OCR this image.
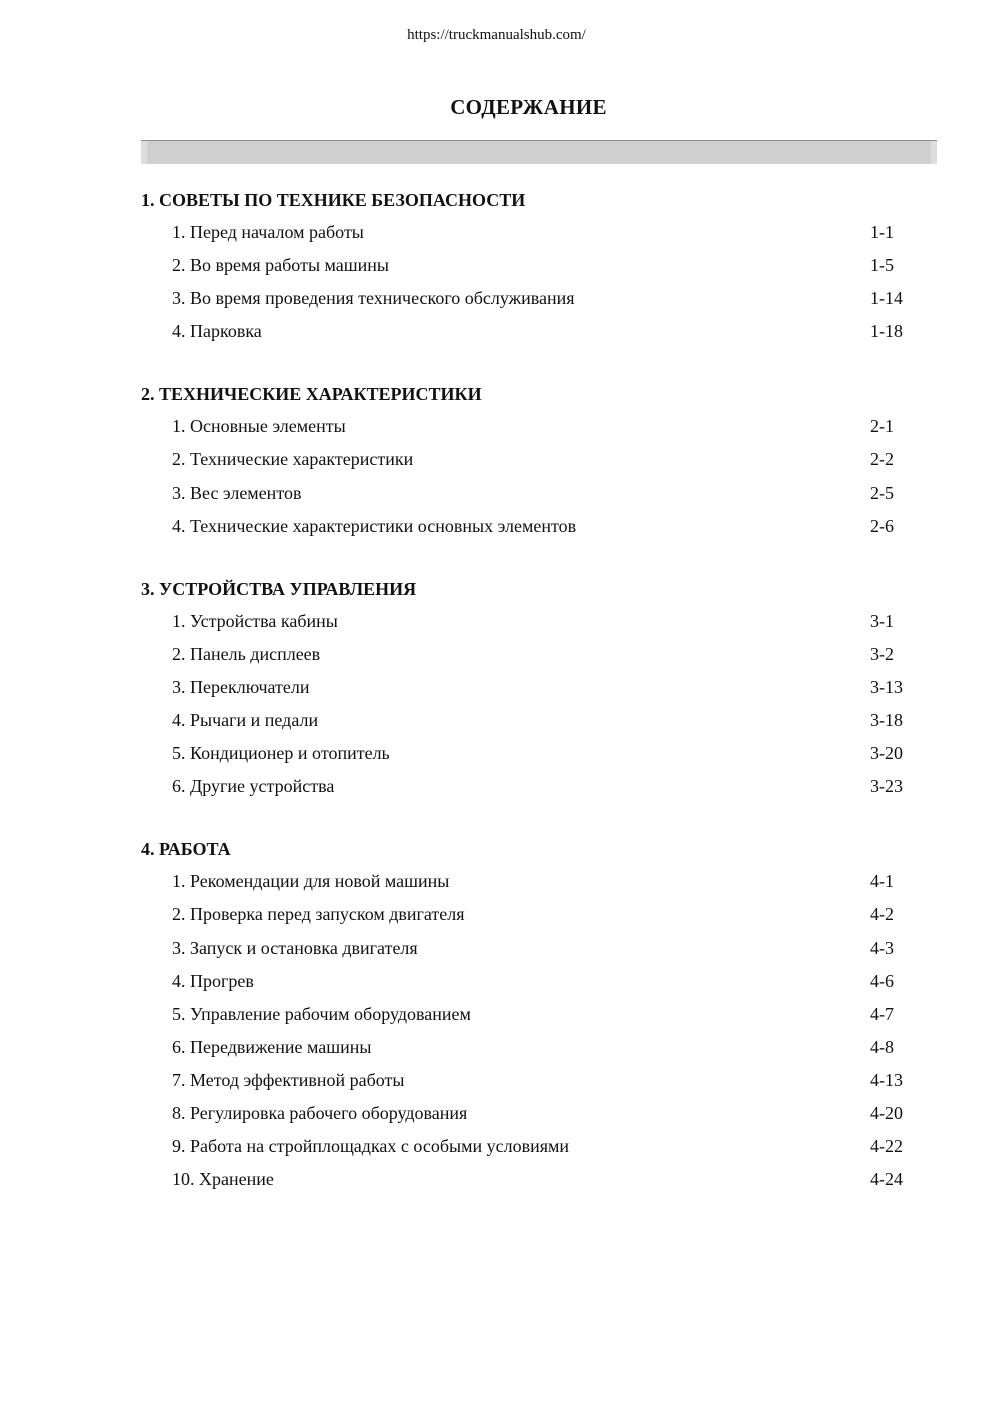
https://truckmanualshub.com/
СОДЕРЖАНИЕ
1. СОВЕТЫ ПО ТЕХНИКЕ БЕЗОПАСНОСТИ
1. Перед началом работы	1-1
2. Во время работы машины	1-5
3. Во время проведения технического обслуживания	1-14
4. Парковка	1-18
2. ТЕХНИЧЕСКИЕ ХАРАКТЕРИСТИКИ
1. Основные элементы	2-1
2. Технические характеристики	2-2
3. Вес элементов	2-5
4. Технические характеристики основных элементов	2-6
3. УСТРОЙСТВА УПРАВЛЕНИЯ
1. Устройства кабины	3-1
2. Панель дисплеев	3-2
3. Переключатели	3-13
4. Рычаги и педали	3-18
5. Кондиционер и отопитель	3-20
6. Другие устройства	3-23
4. РАБОТА
1. Рекомендации для новой машины	4-1
2. Проверка перед запуском двигателя	4-2
3. Запуск и остановка двигателя	4-3
4. Прогрев	4-6
5. Управление рабочим оборудованием	4-7
6. Передвижение машины	4-8
7. Метод эффективной работы	4-13
8. Регулировка рабочего оборудования	4-20
9. Работа на стройплощадках с особыми условиями	4-22
10. Хранение	4-24
